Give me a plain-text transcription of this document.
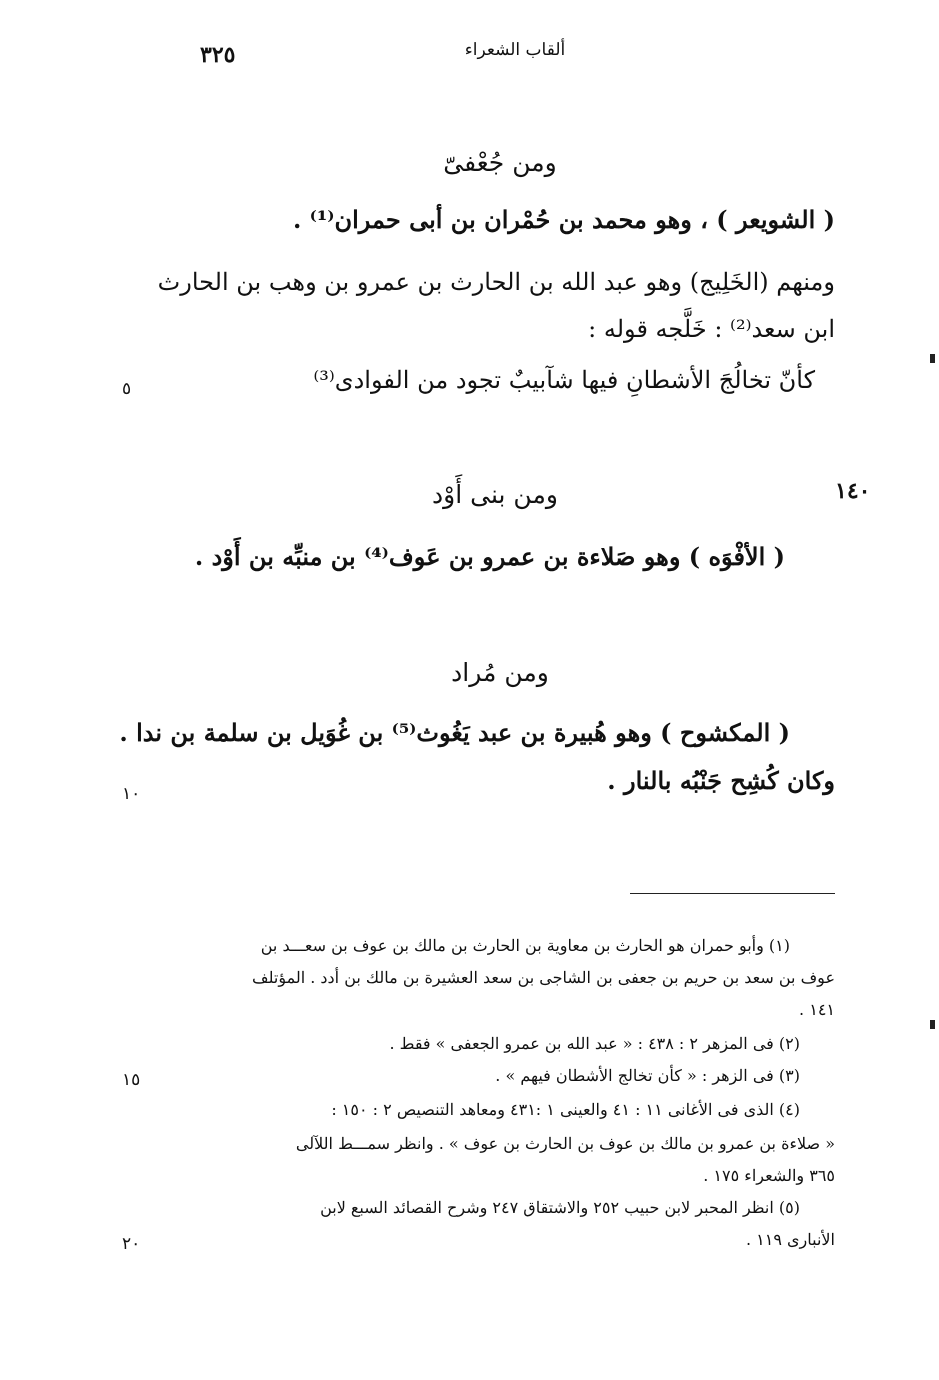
٣٢٥	ألقاب الشعراء
ومن جُعْفىّ
( الشويعر ) ، وهو محمد بن حُمْران بن أبى حمران⁽¹⁾ .
ومنهم (الخَلِيج) وهو عبد الله بن الحارث بن عمرو بن وهب بن الحارث
ابن سعد⁽²⁾ : خَلَّجه قوله :
كأنّ تخالُجَ الأشطانِ فيها شآبيبٌ تجود من الفوادى⁽³⁾
٥
ومن بنى أَوْد	١٤٠
( الأفْوَه ) وهو صَلاءة بن عمرو بن عَوف⁽⁴⁾ بن منبِّه بن أَوْد .
ومن مُراد
( المكشوح ) وهو هُبيرة بن عبد يَغُوث⁽⁵⁾ بن غُوَيل بن سلمة بن ندا .
وكان كُشِح جَنْبُه بالنار .
١٠
(١) وأبو حمران هو الحارث بن معاوية بن الحارث بن مالك بن عوف بن سعـــد بن
عوف بن سعد بن حريم بن جعفى بن الشاجى بن سعد العشيرة بن مالك بن أدد . المؤتلف
١٤١ .
(٢) فى المزهر ٢ : ٤٣٨ : « عبد الله بن عمرو الجعفى » فقط .
(٣) فى الزهر : « كأن تخالج الأشطان فيهم » .
(٤) الذى فى الأغانى ١١ : ٤١ والعينى ١ :٤٣١ ومعاهد التنصيص ٢ : ١٥٠ :
« صلاءة بن عمرو بن مالك بن عوف بن الحارث بن عوف » . وانظر سمـــط اللآلى
٣٦٥ والشعراء ١٧٥ .
(٥) انظر المحبر لابن حبيب ٢٥٢ والاشتقاق ٢٤٧ وشرح القصائد السبع لابن
الأنبارى ١١٩ .
١٥
٢٠
